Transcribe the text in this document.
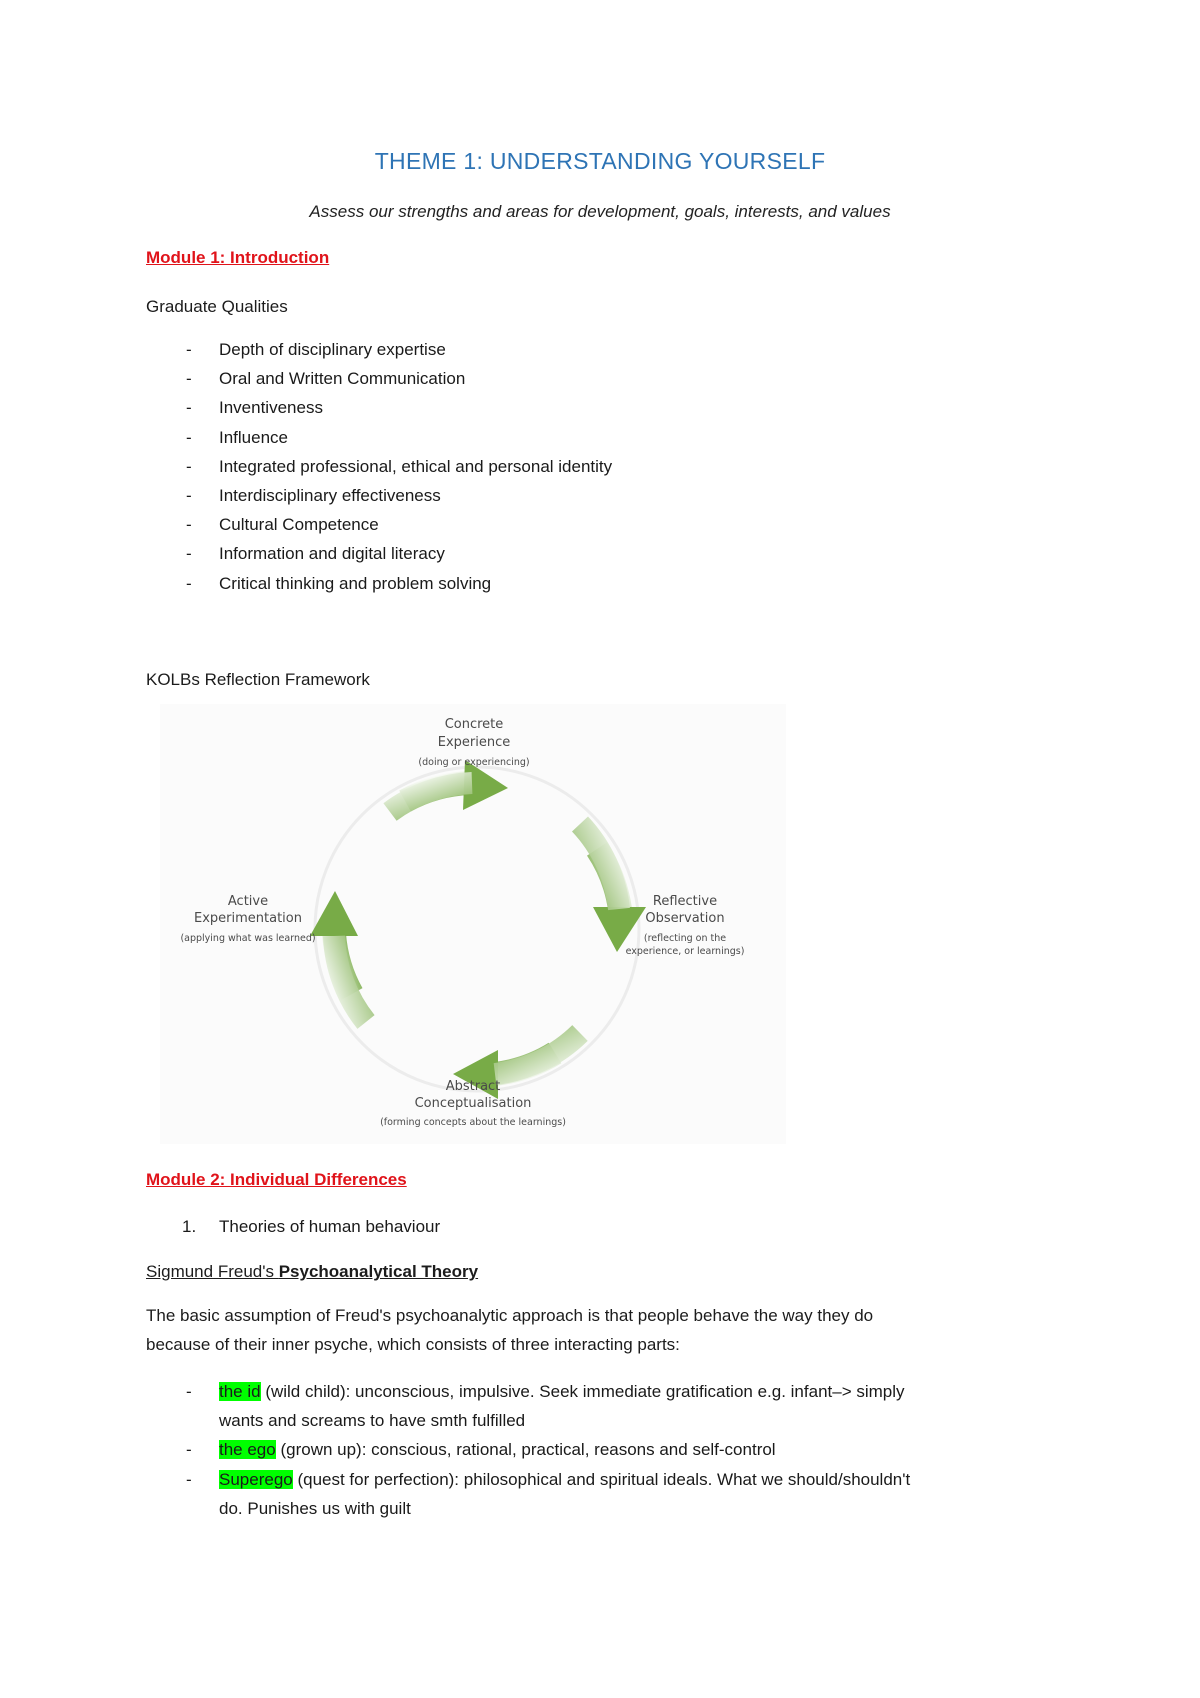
THEME 1: UNDERSTANDING YOURSELF
Assess our strengths and areas for development, goals, interests, and values
Module 1: Introduction
Graduate Qualities
- Depth of disciplinary expertise
- Oral and Written Communication
- Inventiveness
- Influence
- Integrated professional, ethical and personal identity
- Interdisciplinary effectiveness
- Cultural Competence
- Information and digital literacy
- Critical thinking and problem solving
KOLBs Reflection Framework
Concrete
Experience
(doing or experiencing)
Reflective
Observation
(reflecting on the
experience, or learnings)
Abstract
Conceptualisation
(forming concepts about the learnings)
Active
Experimentation
(applying what was learned)
Module 2: Individual Differences
1. Theories of human behaviour
Sigmund Freud's Psychoanalytical Theory
The basic assumption of Freud's psychoanalytic approach is that people behave the way they do
because of their inner psyche, which consists of three interacting parts:
- the id (wild child): unconscious, impulsive. Seek immediate gratification e.g. infant–> simply
wants and screams to have smth fulfilled
- the ego (grown up): conscious, rational, practical, reasons and self-control
- Superego (quest for perfection): philosophical and spiritual ideals. What we should/shouldn't
do. Punishes us with guilt
